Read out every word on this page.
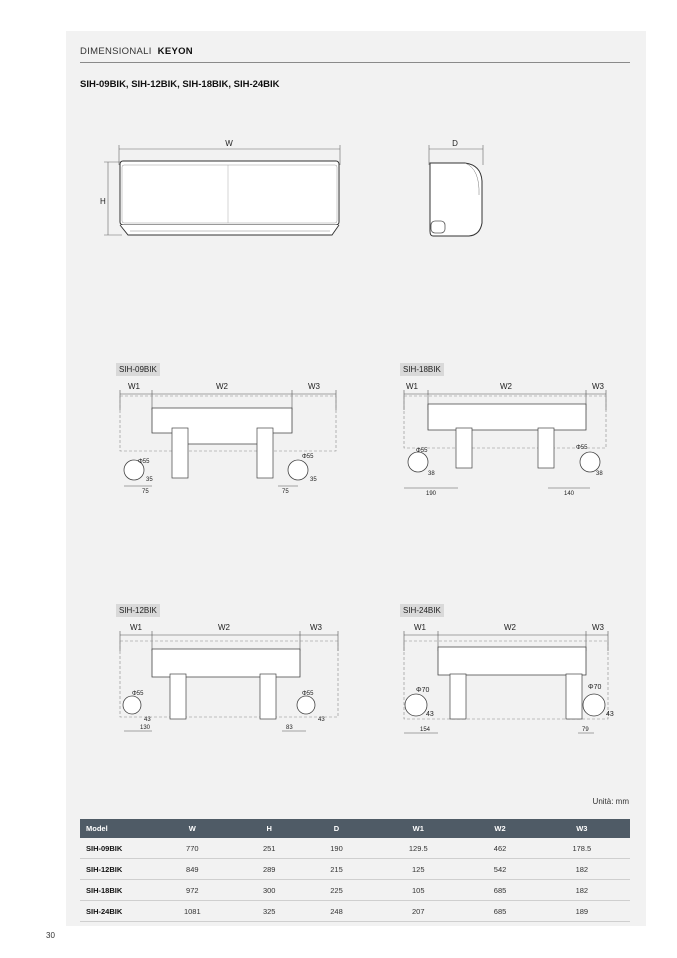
DIMENSIONALI KEYON
SIH-09BIK, SIH-12BIK, SIH-18BIK, SIH-24BIK
W
H
D
SIH-09BIK	SIH-18BIK
SIH-12BIK	SIH-24BIK
W1	W2	W3
Φ55
Φ55
35
75
35
75
W1	W2	W3
Φ55	Φ55
38
190
38
140
W1	W2	W3
Φ55	Φ55
43
130
43
83
W1	W2	W3
Φ70	Φ70
43
154
43
79
Unità: mm
Model	W	H	D	W1	W2	W3
SIH-09BIK	770	251	190	129.5	462	178.5
SIH-12BIK	849	289	215	125	542	182
SIH-18BIK	972	300	225	105	685	182
SIH-24BIK	1081	325	248	207	685	189
30
